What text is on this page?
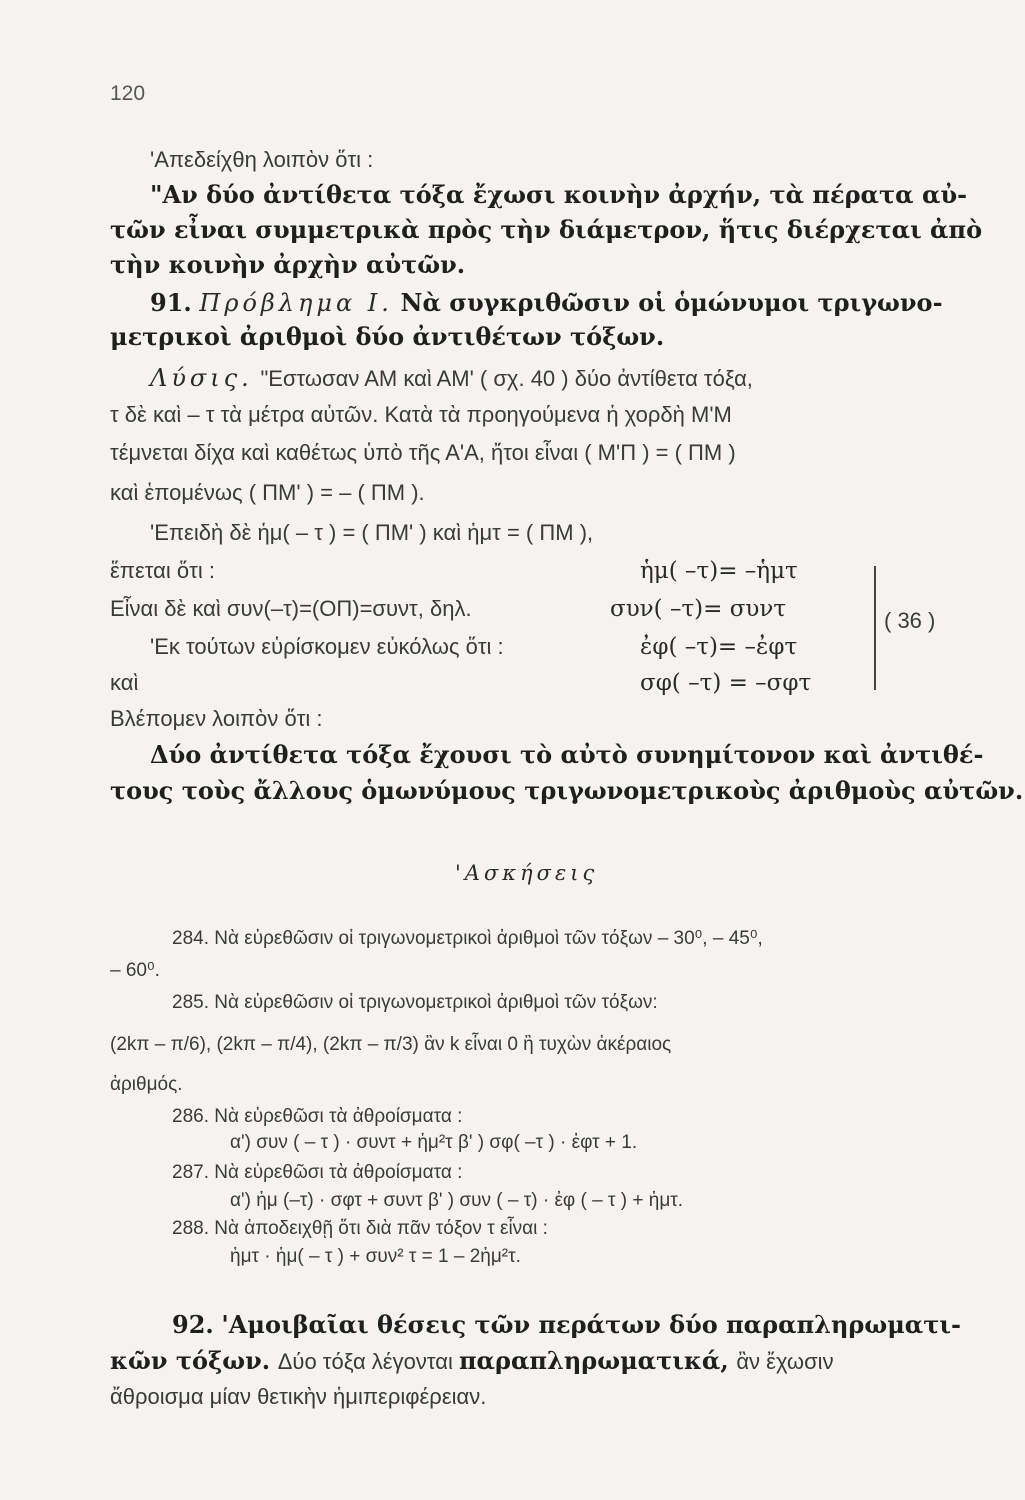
120
'Απεδείχθη λοιπὸν ὅτι :
"Αν δύο ἀντίθετα τόξα ἔχωσι κοινὴν ἀρχήν, τὰ πέρατα αὐ-
τῶν εἶναι συμμετρικὰ πρὸς τὴν διάμετρον, ἥτις διέρχεται ἀπὸ
τὴν κοινὴν ἀρχὴν αὐτῶν.
91. Πρόβλημα I. Νὰ συγκριθῶσιν οἱ ὁμώνυμοι τριγωνο-
μετρικοὶ ἀριθμοὶ δύο ἀντιθέτων τόξων.
Λύσις. "Εστωσαν ΑΜ καὶ ΑΜ' ( σχ. 40 ) δύο ἀντίθετα τόξα,
τ δὲ καὶ – τ τὰ μέτρα αὐτῶν. Κατὰ τὰ προηγούμενα ἡ χορδὴ Μ'Μ
τέμνεται δίχα καὶ καθέτως ὑπὸ τῆς Α'Α, ἤτοι εἶναι ( Μ'Π ) = ( ΠΜ )
καὶ ἑπομένως ( ΠΜ' ) = – ( ΠΜ ).
'Επειδὴ δὲ ἡμ( – τ ) = ( ΠΜ' ) καὶ ἡμτ = ( ΠΜ ),
ἕπεται ὅτι :
Εἶναι δὲ καὶ συν(–τ)=(ΟΠ)=συντ, δηλ.
'Εκ τούτων εὑρίσκομεν εὐκόλως ὅτι :
καὶ
ἡμ( –τ)= –ἡμτ
συν( –τ)= συντ
ἐφ( –τ)= –ἐφτ
σφ( –τ) = –σφτ
( 36 )
Βλέπομεν λοιπὸν ὅτι :
Δύο ἀντίθετα τόξα ἔχουσι τὸ αὐτὸ συνημίτονον καὶ ἀντιθέ-
τους τοὺς ἄλλους ὁμωνύμους τριγωνομετρικοὺς ἀριθμοὺς αὐτῶν.
'Ασκήσεις
284. Νὰ εὑρεθῶσιν οἱ τριγωνομετρικοὶ ἀριθμοὶ τῶν τόξων – 30⁰, – 45⁰,
– 60⁰.
285. Νὰ εὑρεθῶσιν οἱ τριγωνομετρικοὶ ἀριθμοὶ τῶν τόξων:
(2kπ – π/6), (2kπ – π/4), (2kπ – π/3) ἂν k εἶναι 0 ἢ τυχὼν ἀκέραιος
ἀριθμός.
286. Νὰ εὑρεθῶσι τὰ ἀθροίσματα :
α') συν ( – τ ) · συντ + ἡμ²τ β' ) σφ( –τ ) · ἐφτ + 1.
287. Νὰ εὑρεθῶσι τὰ ἀθροίσματα :
α') ἡμ (–τ) · σφτ + συντ β' ) συν ( – τ) · ἐφ ( – τ ) + ἡμτ.
288. Νὰ ἀποδειχθῇ ὅτι διὰ πᾶν τόξον τ εἶναι :
ἡμτ · ἡμ( – τ ) + συν² τ = 1 – 2ἡμ²τ.
92. 'Αμοιβαῖαι θέσεις τῶν περάτων δύο παραπληρωματι-
κῶν τόξων. Δύο τόξα λέγονται παραπληρωματικά, ἂν ἔχωσιν
ἄθροισμα μίαν θετικὴν ἡμιπεριφέρειαν.
